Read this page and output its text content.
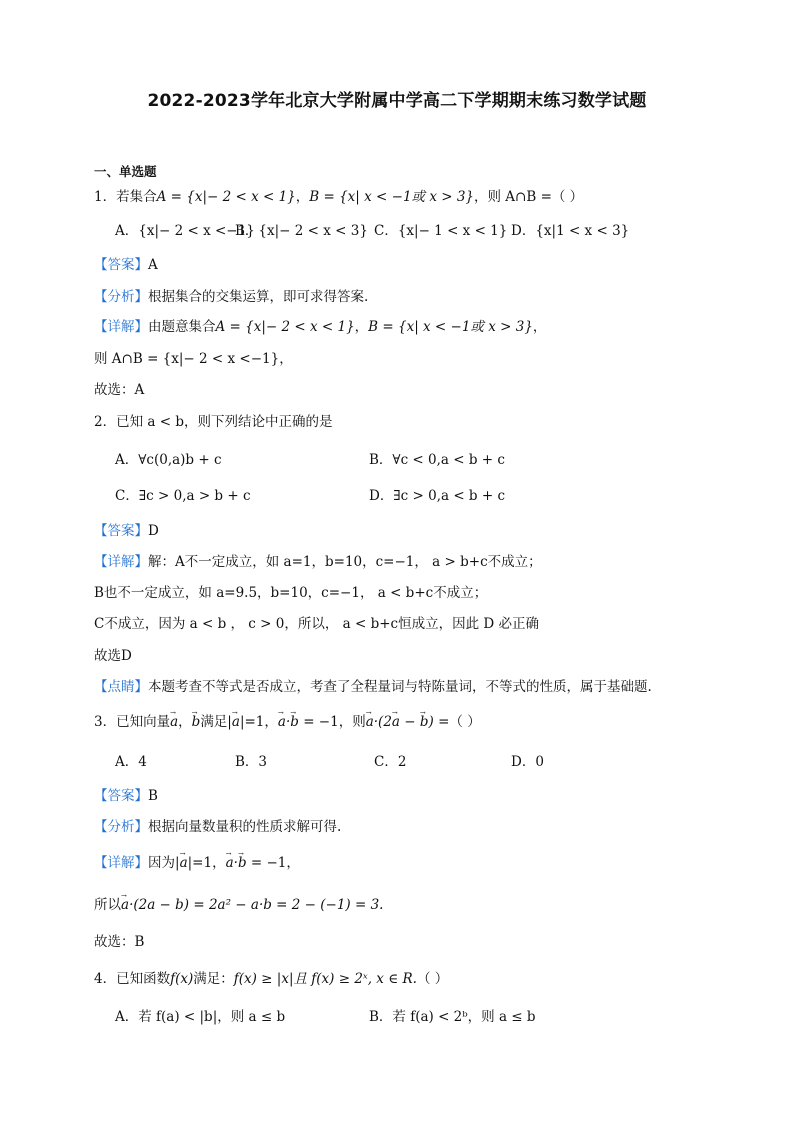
2022-2023学年北京大学附属中学高二下学期期末练习数学试题
一、单选题
1．若集合A = {x|− 2 < x < 1}，B = {x| x < −1或 x > 3}，则 A∩B =（ ）
A．{x|− 2 < x <−1}B．{x|− 2 < x < 3} C．{x|− 1 < x < 1} D．{x|1 < x < 3}
【答案】A
【分析】根据集合的交集运算，即可求得答案.
【详解】由题意集合A = {x|− 2 < x < 1}，B = {x| x < −1或 x > 3}，
则 A∩B = {x|− 2 < x <−1}，
故选：A
2．已知 a < b，则下列结论中正确的是
A．∀c(0,a)b + c	B．∀c < 0,a < b + c
C．∃c > 0,a > b + c	D．∃c > 0,a < b + c
【答案】D
【详解】解：A不一定成立，如 a=1，b=10，c=−1， a > b+c不成立；
B也不一定成立，如 a=9.5，b=10，c=−1， a < b+c不成立；
C不成立，因为 a < b ， c > 0，所以， a < b+c恒成立，因此 D 必正确
故选D
【点睛】本题考查不等式是否成立，考查了全程量词与特陈量词，不等式的性质，属于基础题.
3．已知向量→ a，→ b满足|→ a|=1，→ a·→ b = −1，则→ a·(2→ a − → b) =（ ）
A．4	B．3	C．2	D．0
【答案】B
【分析】根据向量数量积的性质求解可得.
【详解】因为|→ a|=1，→ a·→ b = −1，
所以→ a·(2a − b) = 2a² − a·b = 2 − (−1) = 3.
故选：B
4．已知函数f(x)满足：f(x) ≥ |x|且 f(x) ≥ 2ˣ, x ∈ R.（ ）
A．若 f(a) < |b|，则 a ≤ b	B．若 f(a) < 2ᵇ，则 a ≤ b
